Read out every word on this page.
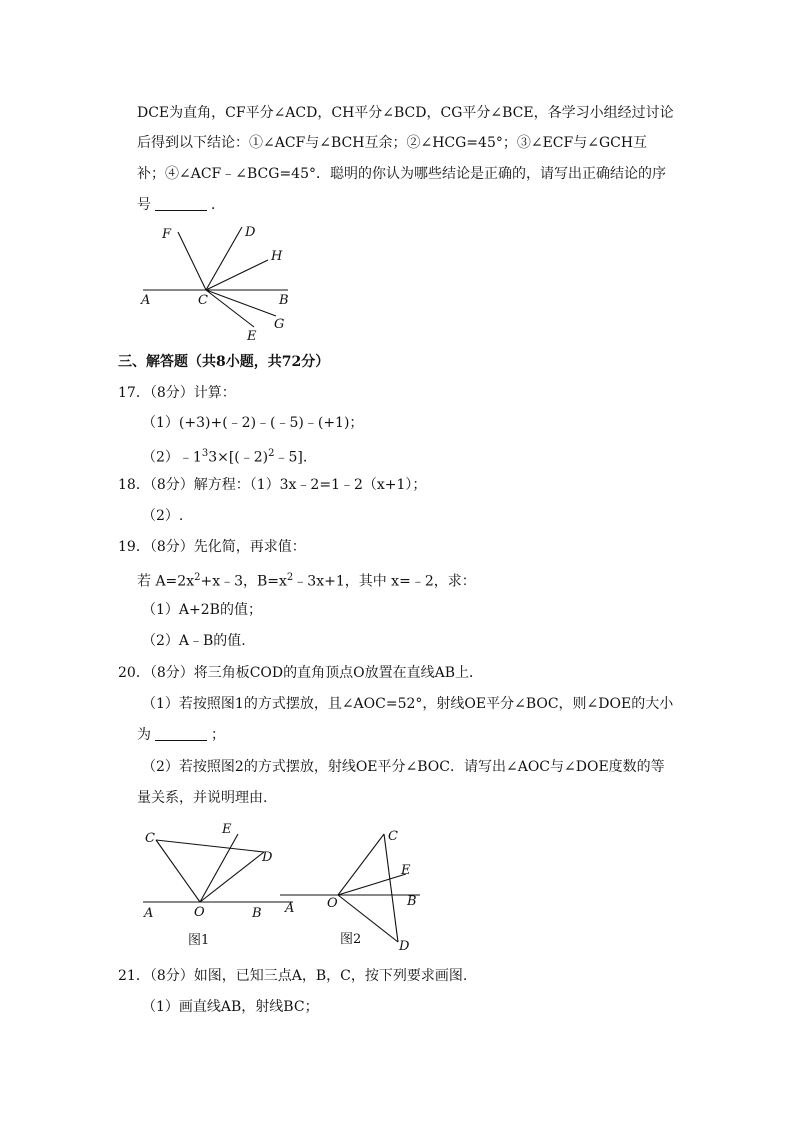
DCE为直角，CF平分∠ACD，CH平分∠BCD，CG平分∠BCE，各学习小组经过讨论
后得到以下结论：①∠ACF与∠BCH互余；②∠HCG=45°；③∠ECF与∠GCH互
补；④∠ACF﹣∠BCG=45°．聪明的你认为哪些结论是正确的，请写出正确结论的序
号	．
F	D
H
A	C	B
G
E
三、解答题（共8小题，共72分）
17．（8分）计算：
（1）(+3)+(﹣2)﹣(﹣5)﹣(+1)；
$(2)﹣1^33\times[(﹣2)^2﹣5]$.
18．（8分）解方程：（1）3x﹣2=1﹣2（x+1）；
（2）.
19．（8分）先化简，再求值：
若 $A=2x^2+x﹣3$，$B=x^2﹣3x+1$，其中 x=﹣2，求：
（1）A+2B的值；
（2）A﹣B的值.
20．（8分）将三角板COD的直角顶点O放置在直线AB上．
（1）若按照图1的方式摆放，且∠AOC=52°，射线OE平分∠BOC，则∠DOE的大小
为	；
（2）若按照图2的方式摆放，射线OE平分∠BOC．请写出∠AOC与∠DOE度数的等
量关系，并说明理由.
C
E
D
A	O	B
图1
C
E
A	O	B
D
图2
21．（8分）如图，已知三点A，B，C，按下列要求画图.
（1）画直线AB，射线BC；
